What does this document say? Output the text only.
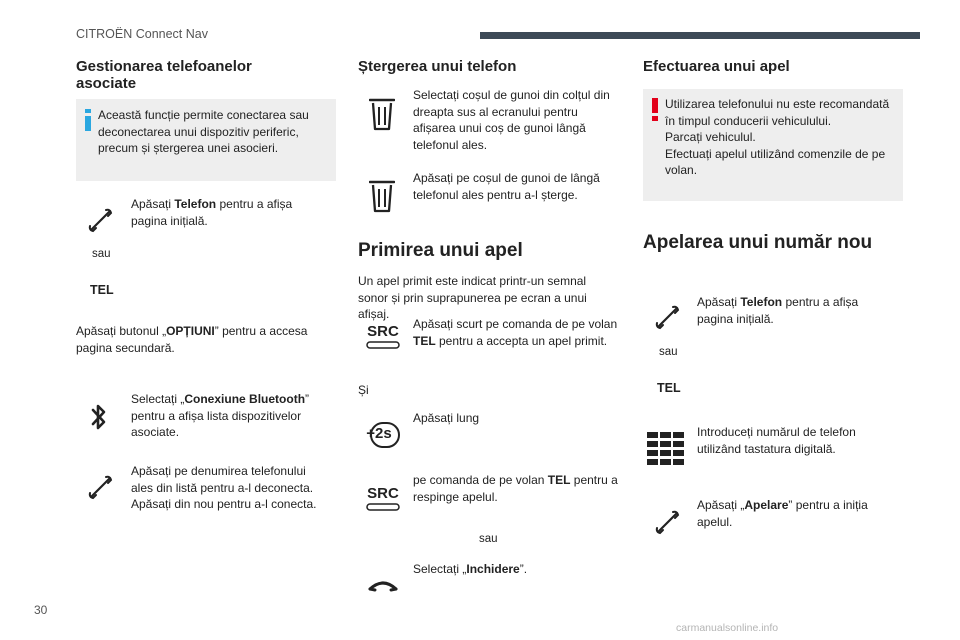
CITROËN Connect Nav
30
carmanualsonline.info
Gestionarea telefoanelor asociate
Această funcție permite conectarea sau deconectarea unui dispozitiv periferic, precum și ștergerea unei asocieri.
Apăsați Telefon pentru a afișa pagina inițială.
sau
TEL
Apăsați butonul „OPȚIUNI” pentru a accesa pagina secundară.
Selectați „Conexiune Bluetooth” pentru a afișa lista dispozitivelor asociate.
Apăsați pe denumirea telefonului ales din listă pentru a-l deconecta. Apăsați din nou pentru a-l conecta.
Ștergerea unui telefon
Selectați coșul de gunoi din colțul din dreapta sus al ecranului pentru afișarea unui coș de gunoi lângă telefonul ales.
Apăsați pe coșul de gunoi de lângă telefonul ales pentru a-l șterge.
Primirea unui apel
Un apel primit este indicat printr-un semnal sonor și prin suprapunerea pe ecran a unui afișaj.
SRC Apăsați scurt pe comanda de pe volan TEL pentru a accepta un apel primit.
Și
+2s
Apăsați lung
SRC
pe comanda de pe volan TEL pentru a respinge apelul.
sau
Selectați „Inchidere”.
Efectuarea unui apel
Utilizarea telefonului nu este recomandată în timpul conducerii vehiculului.
Parcați vehiculul.
Efectuați apelul utilizând comenzile de pe volan.
Apelarea unui număr nou
Apăsați Telefon pentru a afișa pagina inițială.
sau
TEL
Introduceți numărul de telefon utilizând tastatura digitală.
Apăsați „Apelare” pentru a iniția apelul.
